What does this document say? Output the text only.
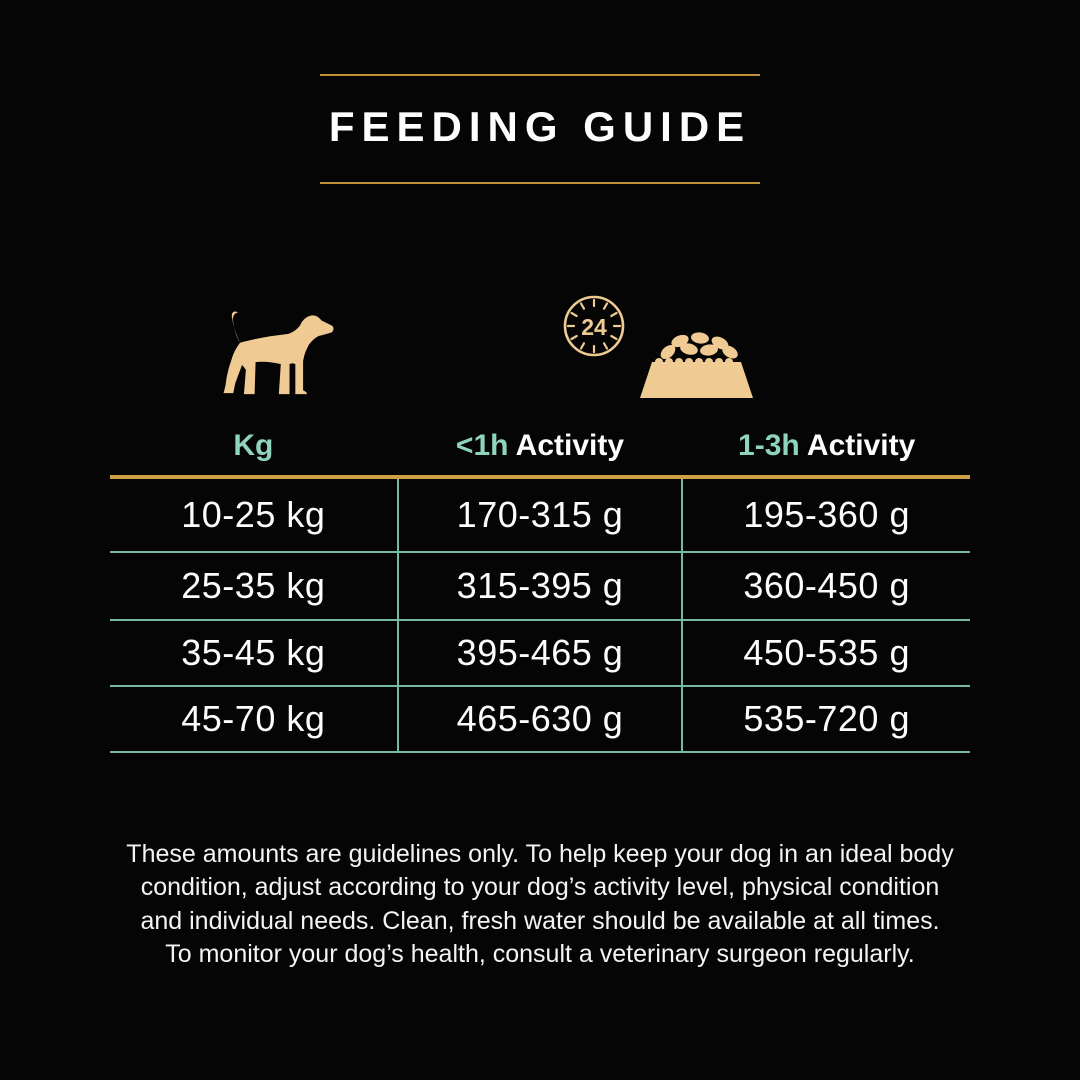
FEEDING GUIDE
24
Kg	<1h Activity	1-3h Activity
10-25 kg	170-315 g	195-360 g
25-35 kg	315-395 g	360-450 g
35-45 kg	395-465 g	450-535 g
45-70 kg	465-630 g	535-720 g
These amounts are guidelines only. To help keep your dog in an ideal body
condition, adjust according to your dog’s activity level, physical condition
and individual needs. Clean, fresh water should be available at all times.
To monitor your dog’s health, consult a veterinary surgeon regularly.
